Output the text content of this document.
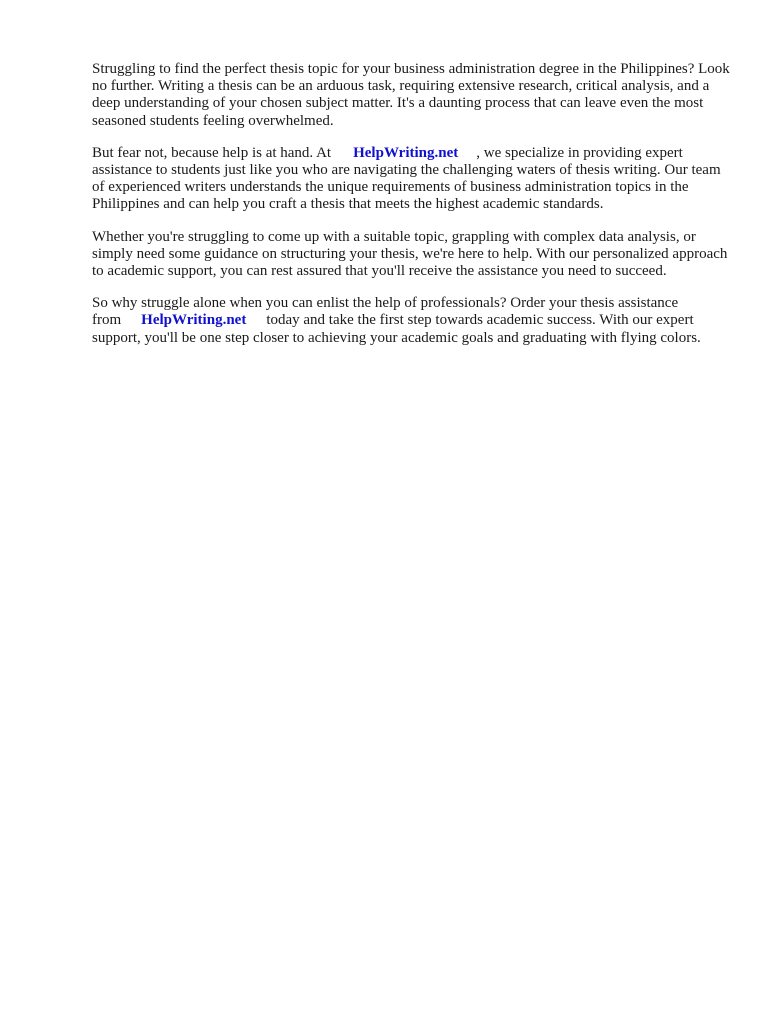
Struggling to find the perfect thesis topic for your business administration degree in the Philippines? Look no further. Writing a thesis can be an arduous task, requiring extensive research, critical analysis, and a deep understanding of your chosen subject matter. It's a daunting process that can leave even the most seasoned students feeling overwhelmed.

But fear not, because help is at hand. At HelpWriting.net , we specialize in providing expert assistance to students just like you who are navigating the challenging waters of thesis writing. Our team of experienced writers understands the unique requirements of business administration topics in the Philippines and can help you craft a thesis that meets the highest academic standards.

Whether you're struggling to come up with a suitable topic, grappling with complex data analysis, or simply need some guidance on structuring your thesis, we're here to help. With our personalized approach to academic support, you can rest assured that you'll receive the assistance you need to succeed.

So why struggle alone when you can enlist the help of professionals? Order your thesis assistance from HelpWriting.net today and take the first step towards academic success. With our expert support, you'll be one step closer to achieving your academic goals and graduating with flying colors.
